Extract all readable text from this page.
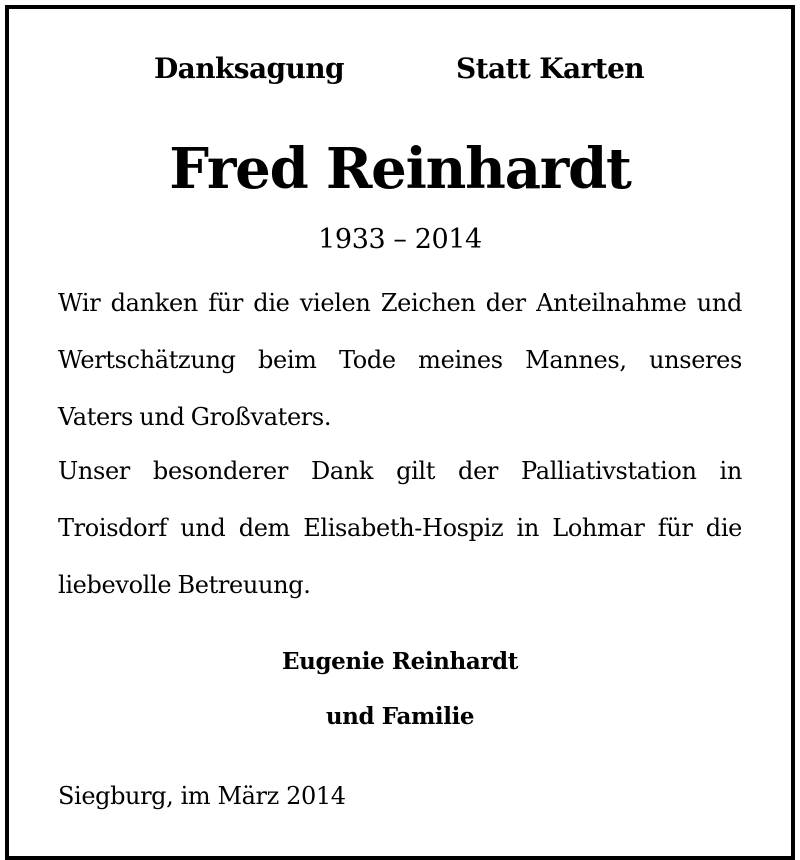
Danksagung	Statt Karten
Fred Reinhardt
1933 – 2014
Wir danken für die vielen Zeichen der Anteilnahme und Wertschätzung beim Tode meines Mannes, unseres Vaters und Großvaters.
Unser besonderer Dank gilt der Palliativstation in Troisdorf und dem Elisabeth-Hospiz in Lohmar für die liebevolle Betreuung.
Eugenie Reinhardt
und Familie
Siegburg, im März 2014
